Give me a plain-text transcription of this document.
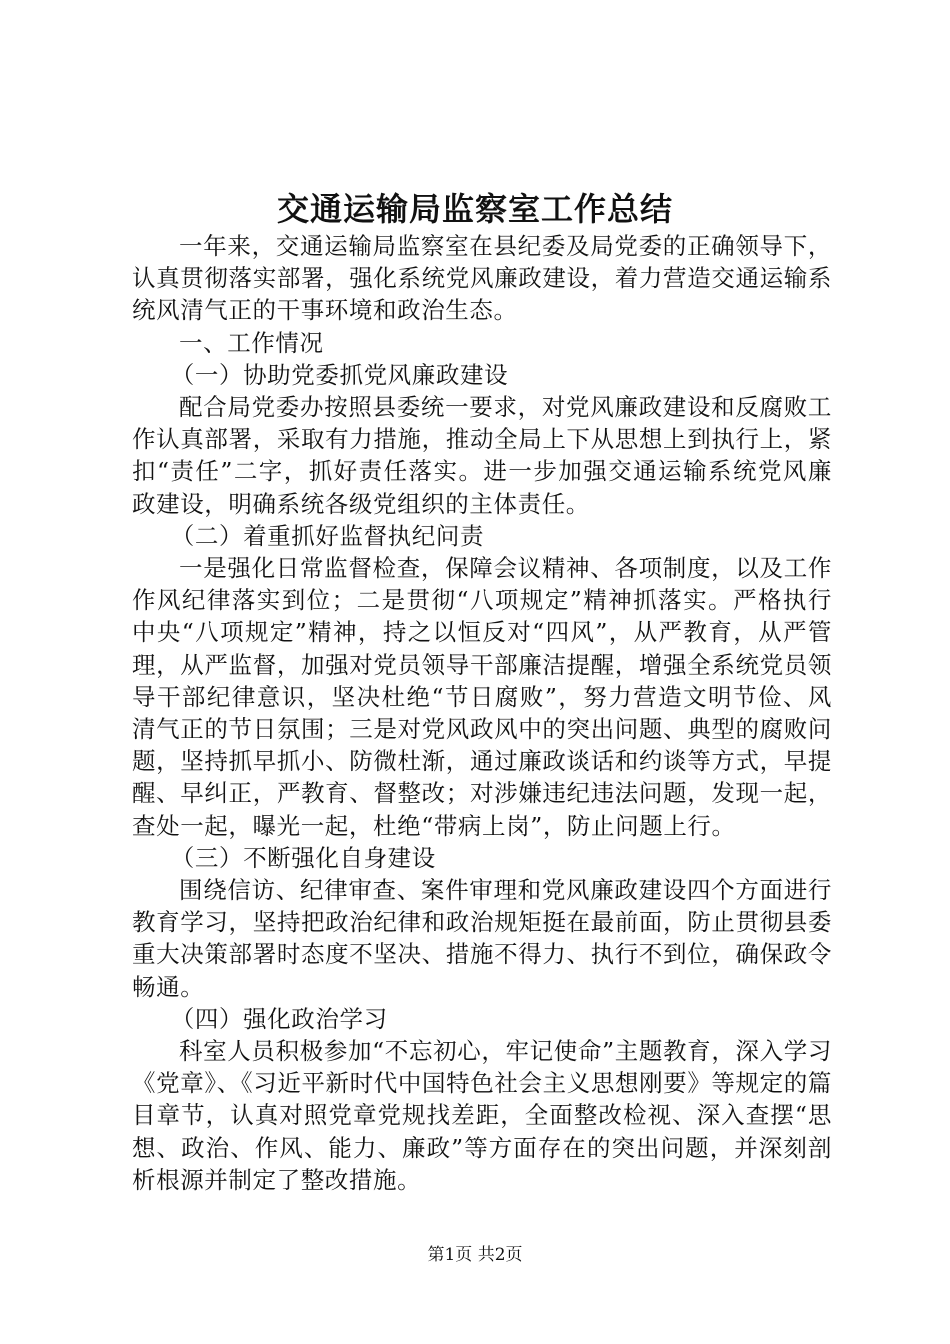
交通运输局监察室工作总结

一年来，交通运输局监察室在县纪委及局党委的正确领导下，认真贯彻落实部署，强化系统党风廉政建设，着力营造交通运输系统风清气正的干事环境和政治生态。

一、工作情况

（一）协助党委抓党风廉政建设

配合局党委办按照县委统一要求，对党风廉政建设和反腐败工作认真部署，采取有力措施，推动全局上下从思想上到执行上，紧扣“责任”二字，抓好责任落实。进一步加强交通运输系统党风廉政建设，明确系统各级党组织的主体责任。

（二）着重抓好监督执纪问责

一是强化日常监督检查，保障会议精神、各项制度，以及工作作风纪律落实到位；二是贯彻“八项规定”精神抓落实。严格执行中央“八项规定”精神，持之以恒反对“四风”，从严教育，从严管理，从严监督，加强对党员领导干部廉洁提醒，增强全系统党员领导干部纪律意识，坚决杜绝“节日腐败”，努力营造文明节俭、风清气正的节日氛围；三是对党风政风中的突出问题、典型的腐败问题，坚持抓早抓小、防微杜渐，通过廉政谈话和约谈等方式，早提醒、早纠正，严教育、督整改；对涉嫌违纪违法问题，发现一起，查处一起，曝光一起，杜绝“带病上岗”，防止问题上行。

（三）不断强化自身建设

围绕信访、纪律审查、案件审理和党风廉政建设四个方面进行教育学习，坚持把政治纪律和政治规矩挺在最前面，防止贯彻县委重大决策部署时态度不坚决、措施不得力、执行不到位，确保政令畅通。

（四）强化政治学习

科室人员积极参加“不忘初心，牢记使命”主题教育，深入学习《党章》、《习近平新时代中国特色社会主义思想刚要》等规定的篇目章节，认真对照党章党规找差距，全面整改检视、深入查摆“思想、政治、作风、能力、廉政”等方面存在的突出问题，并深刻剖析根源并制定了整改措施。

第1页 共2页
